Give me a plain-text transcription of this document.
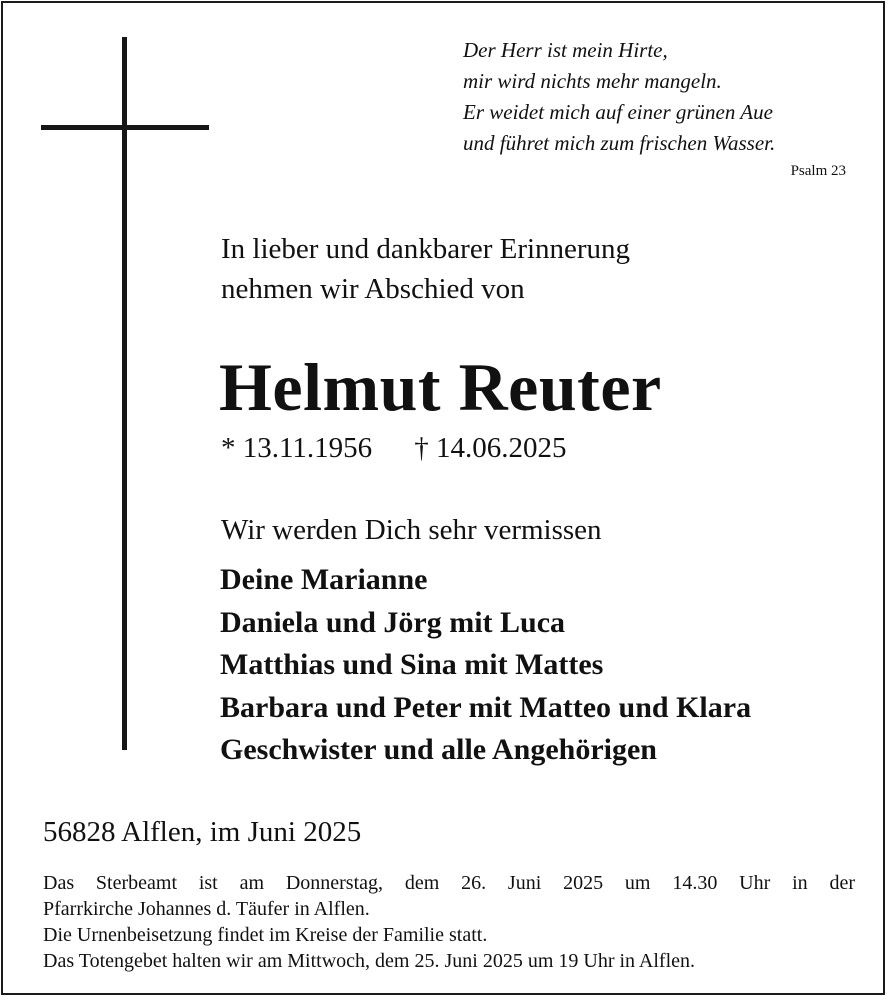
Der Herr ist mein Hirte,
mir wird nichts mehr mangeln.
Er weidet mich auf einer grünen Aue
und führet mich zum frischen Wasser.
Psalm 23
In lieber und dankbarer Erinnerung
nehmen wir Abschied von
Helmut Reuter
* 13.11.1956 † 14.06.2025
Wir werden Dich sehr vermissen
Deine Marianne
Daniela und Jörg mit Luca
Matthias und Sina mit Mattes
Barbara und Peter mit Matteo und Klara
Geschwister und alle Angehörigen
56828 Alflen, im Juni 2025
Das Sterbeamt ist am Donnerstag, dem 26. Juni 2025 um 14.30 Uhr in der
Pfarrkirche Johannes d. Täufer in Alflen.
Die Urnenbeisetzung findet im Kreise der Familie statt.
Das Totengebet halten wir am Mittwoch, dem 25. Juni 2025 um 19 Uhr in Alflen.
